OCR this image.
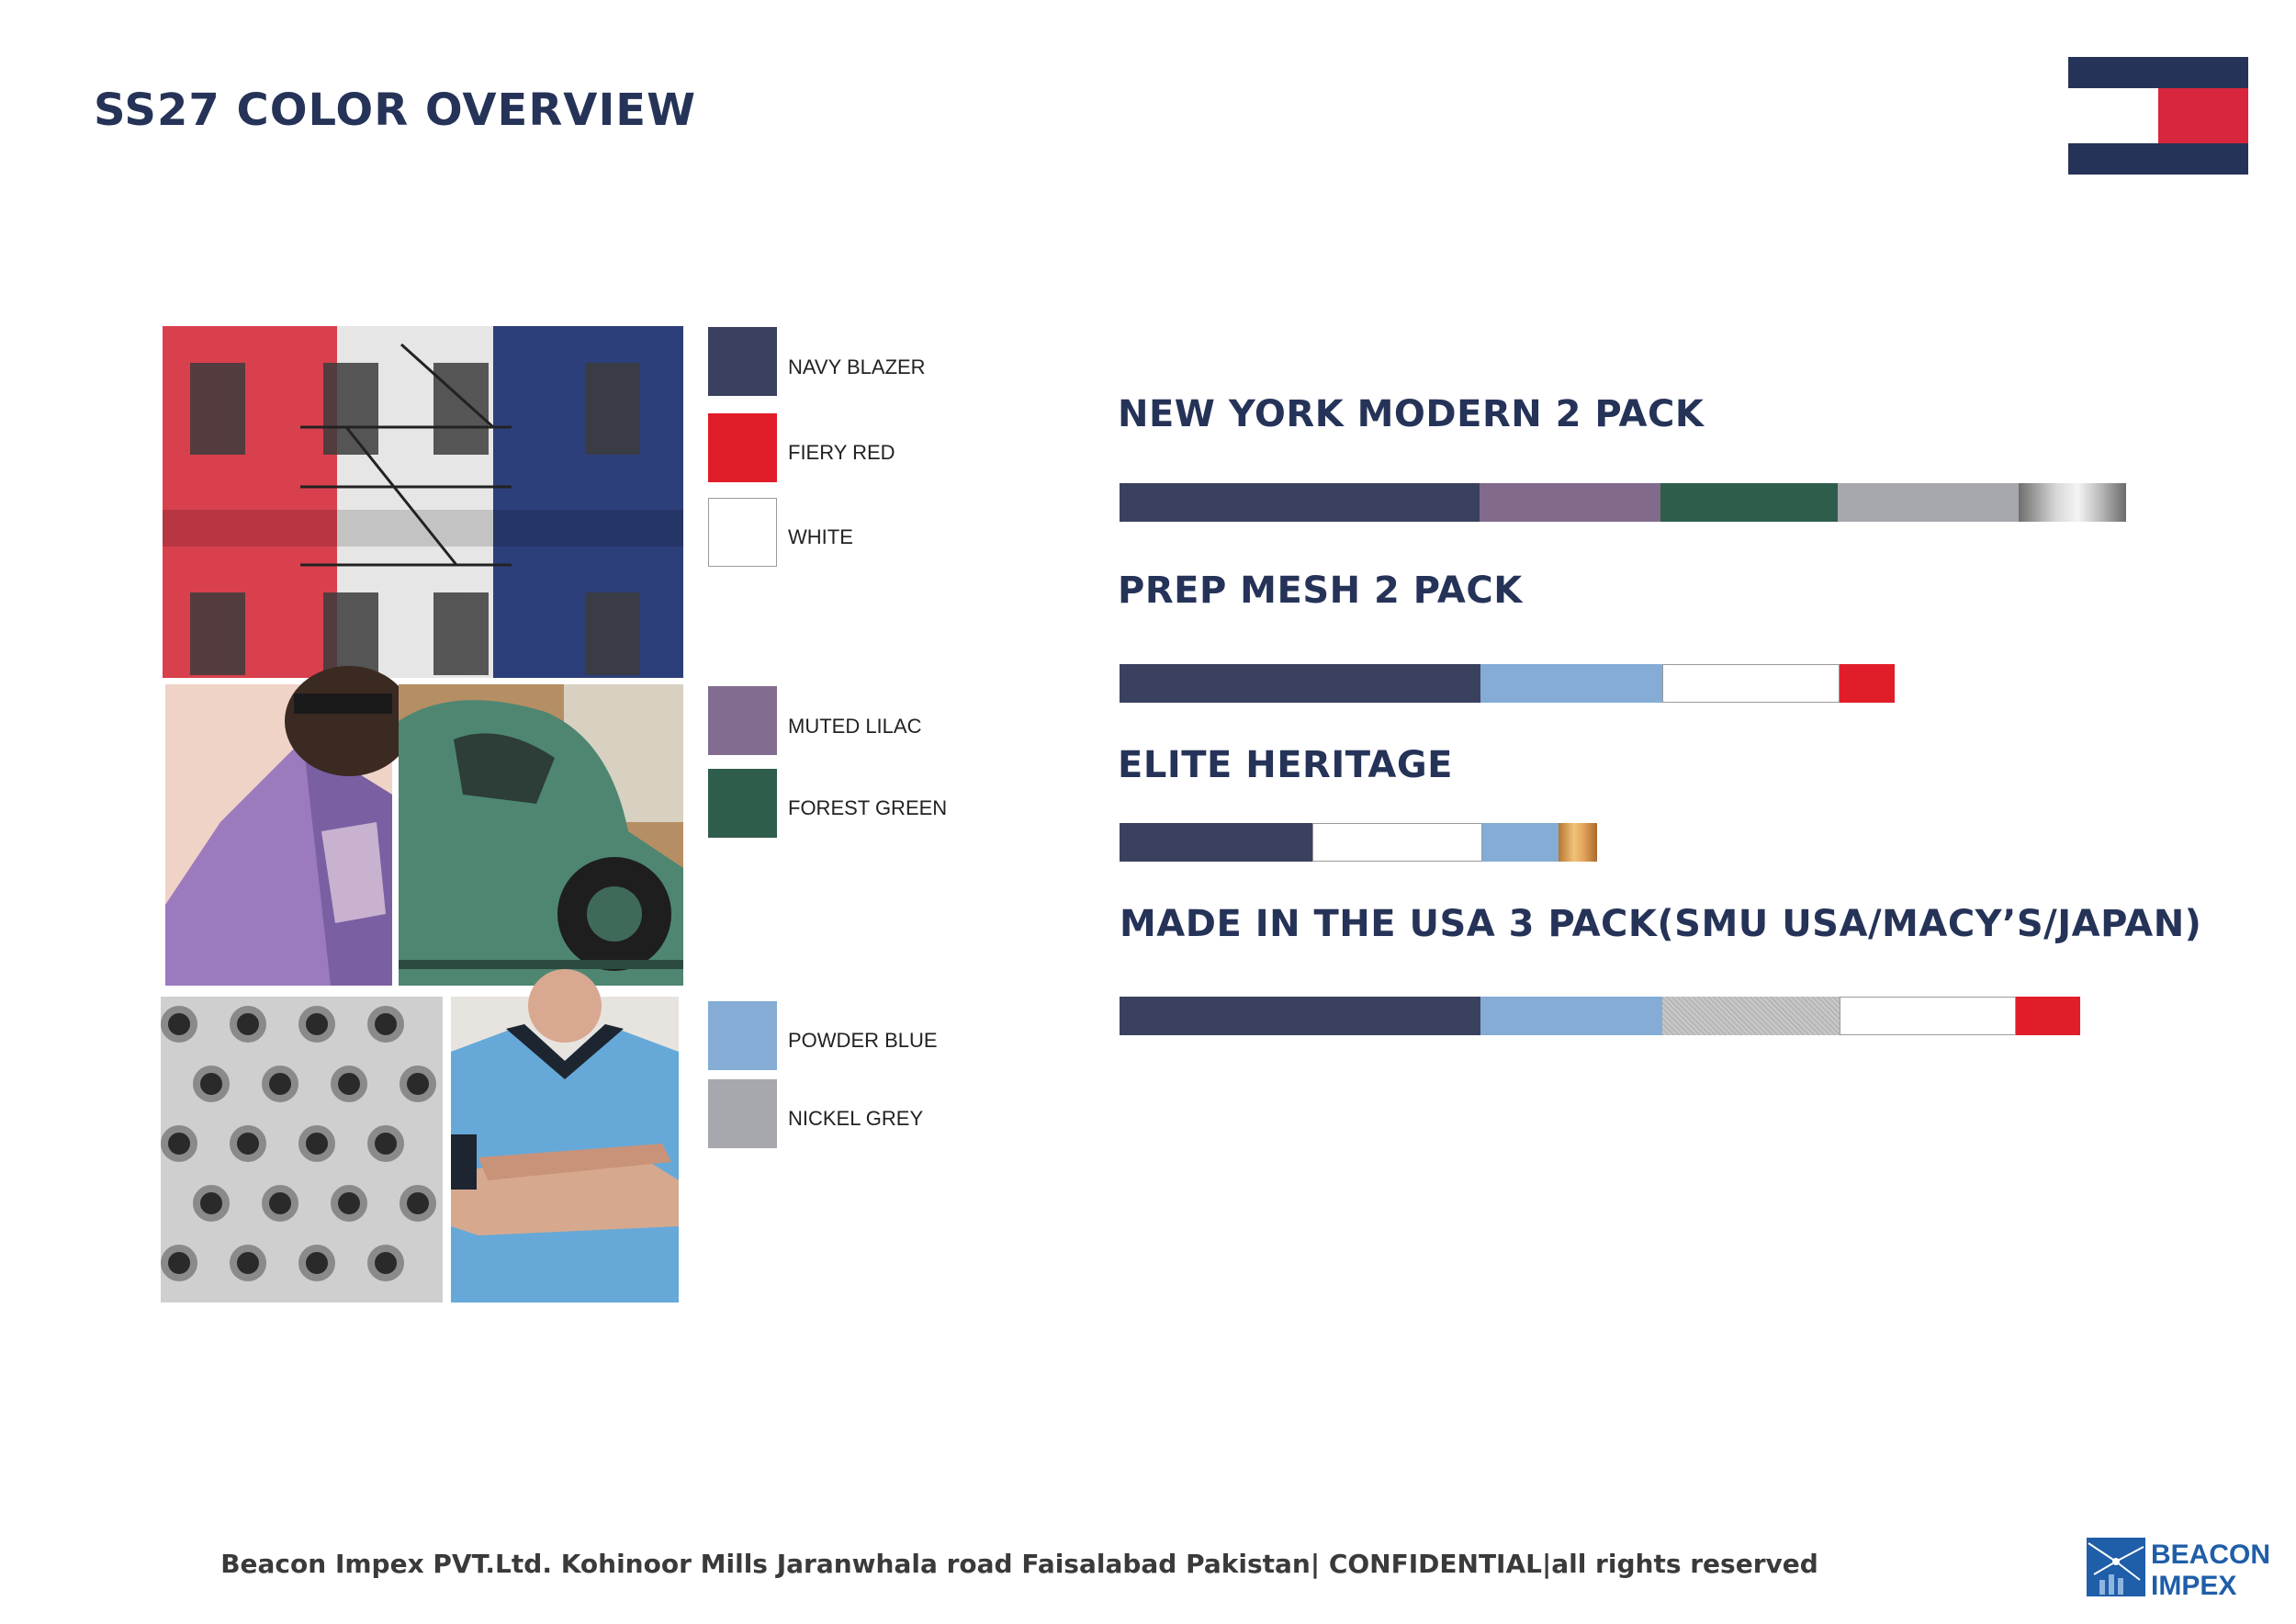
SS27 COLOR OVERVIEW
NAVY BLAZER
FIERY RED
WHITE
MUTED LILAC
FOREST GREEN
POWDER BLUE
NICKEL GREY
NEW YORK MODERN 2 PACK
PREP MESH 2 PACK
ELITE HERITAGE
MADE IN THE USA 3 PACK(SMU USA/MACY’S/JAPAN)
Beacon Impex PVT.Ltd. Kohinoor Mills Jaranwhala road Faisalabad Pakistan| CONFIDENTIAL|all rights reserved	BEACON
IMPEX
